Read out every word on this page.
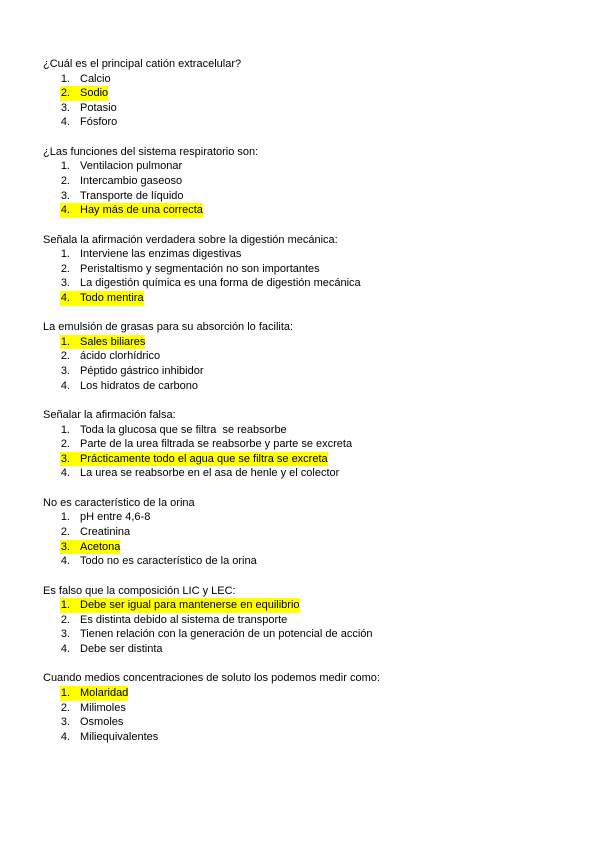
¿Cuál es el principal catión extracelular?
1. Calcio
2. Sodio
3. Potasio
4. Fósforo
¿Las funciones del sistema respiratorio son:
1. Ventilacion pulmonar
2. Intercambio gaseoso
3. Transporte de líquido
4. Hay más de una correcta
Señala la afirmación verdadera sobre la digestión mecánica:
1. Interviene las enzimas digestivas
2. Peristaltismo y segmentación no son importantes
3. La digestión química es una forma de digestión mecánica
4. Todo mentira
La emulsión de grasas para su absorción lo facilita:
1. Sales biliares
2. ácido clorhídrico
3. Péptido gástrico inhibidor
4. Los hidratos de carbono
Señalar la afirmación falsa:
1. Toda la glucosa que se filtra  se reabsorbe
2. Parte de la urea filtrada se reabsorbe y parte se excreta
3. Prácticamente todo el agua que se filtra se excreta
4. La urea se reabsorbe en el asa de henle y el colector
No es característico de la orina
1. pH entre 4,6-8
2. Creatinina
3. Acetona
4. Todo no es característico de la orina
Es falso que la composición LIC y LEC:
1. Debe ser igual para mantenerse en equilibrio
2. Es distinta debido al sistema de transporte
3. Tienen relación con la generación de un potencial de acción
4. Debe ser distinta
Cuando medios concentraciones de soluto los podemos medir como:
1. Molaridad
2. Milimoles
3. Osmoles
4. Miliequivalentes
